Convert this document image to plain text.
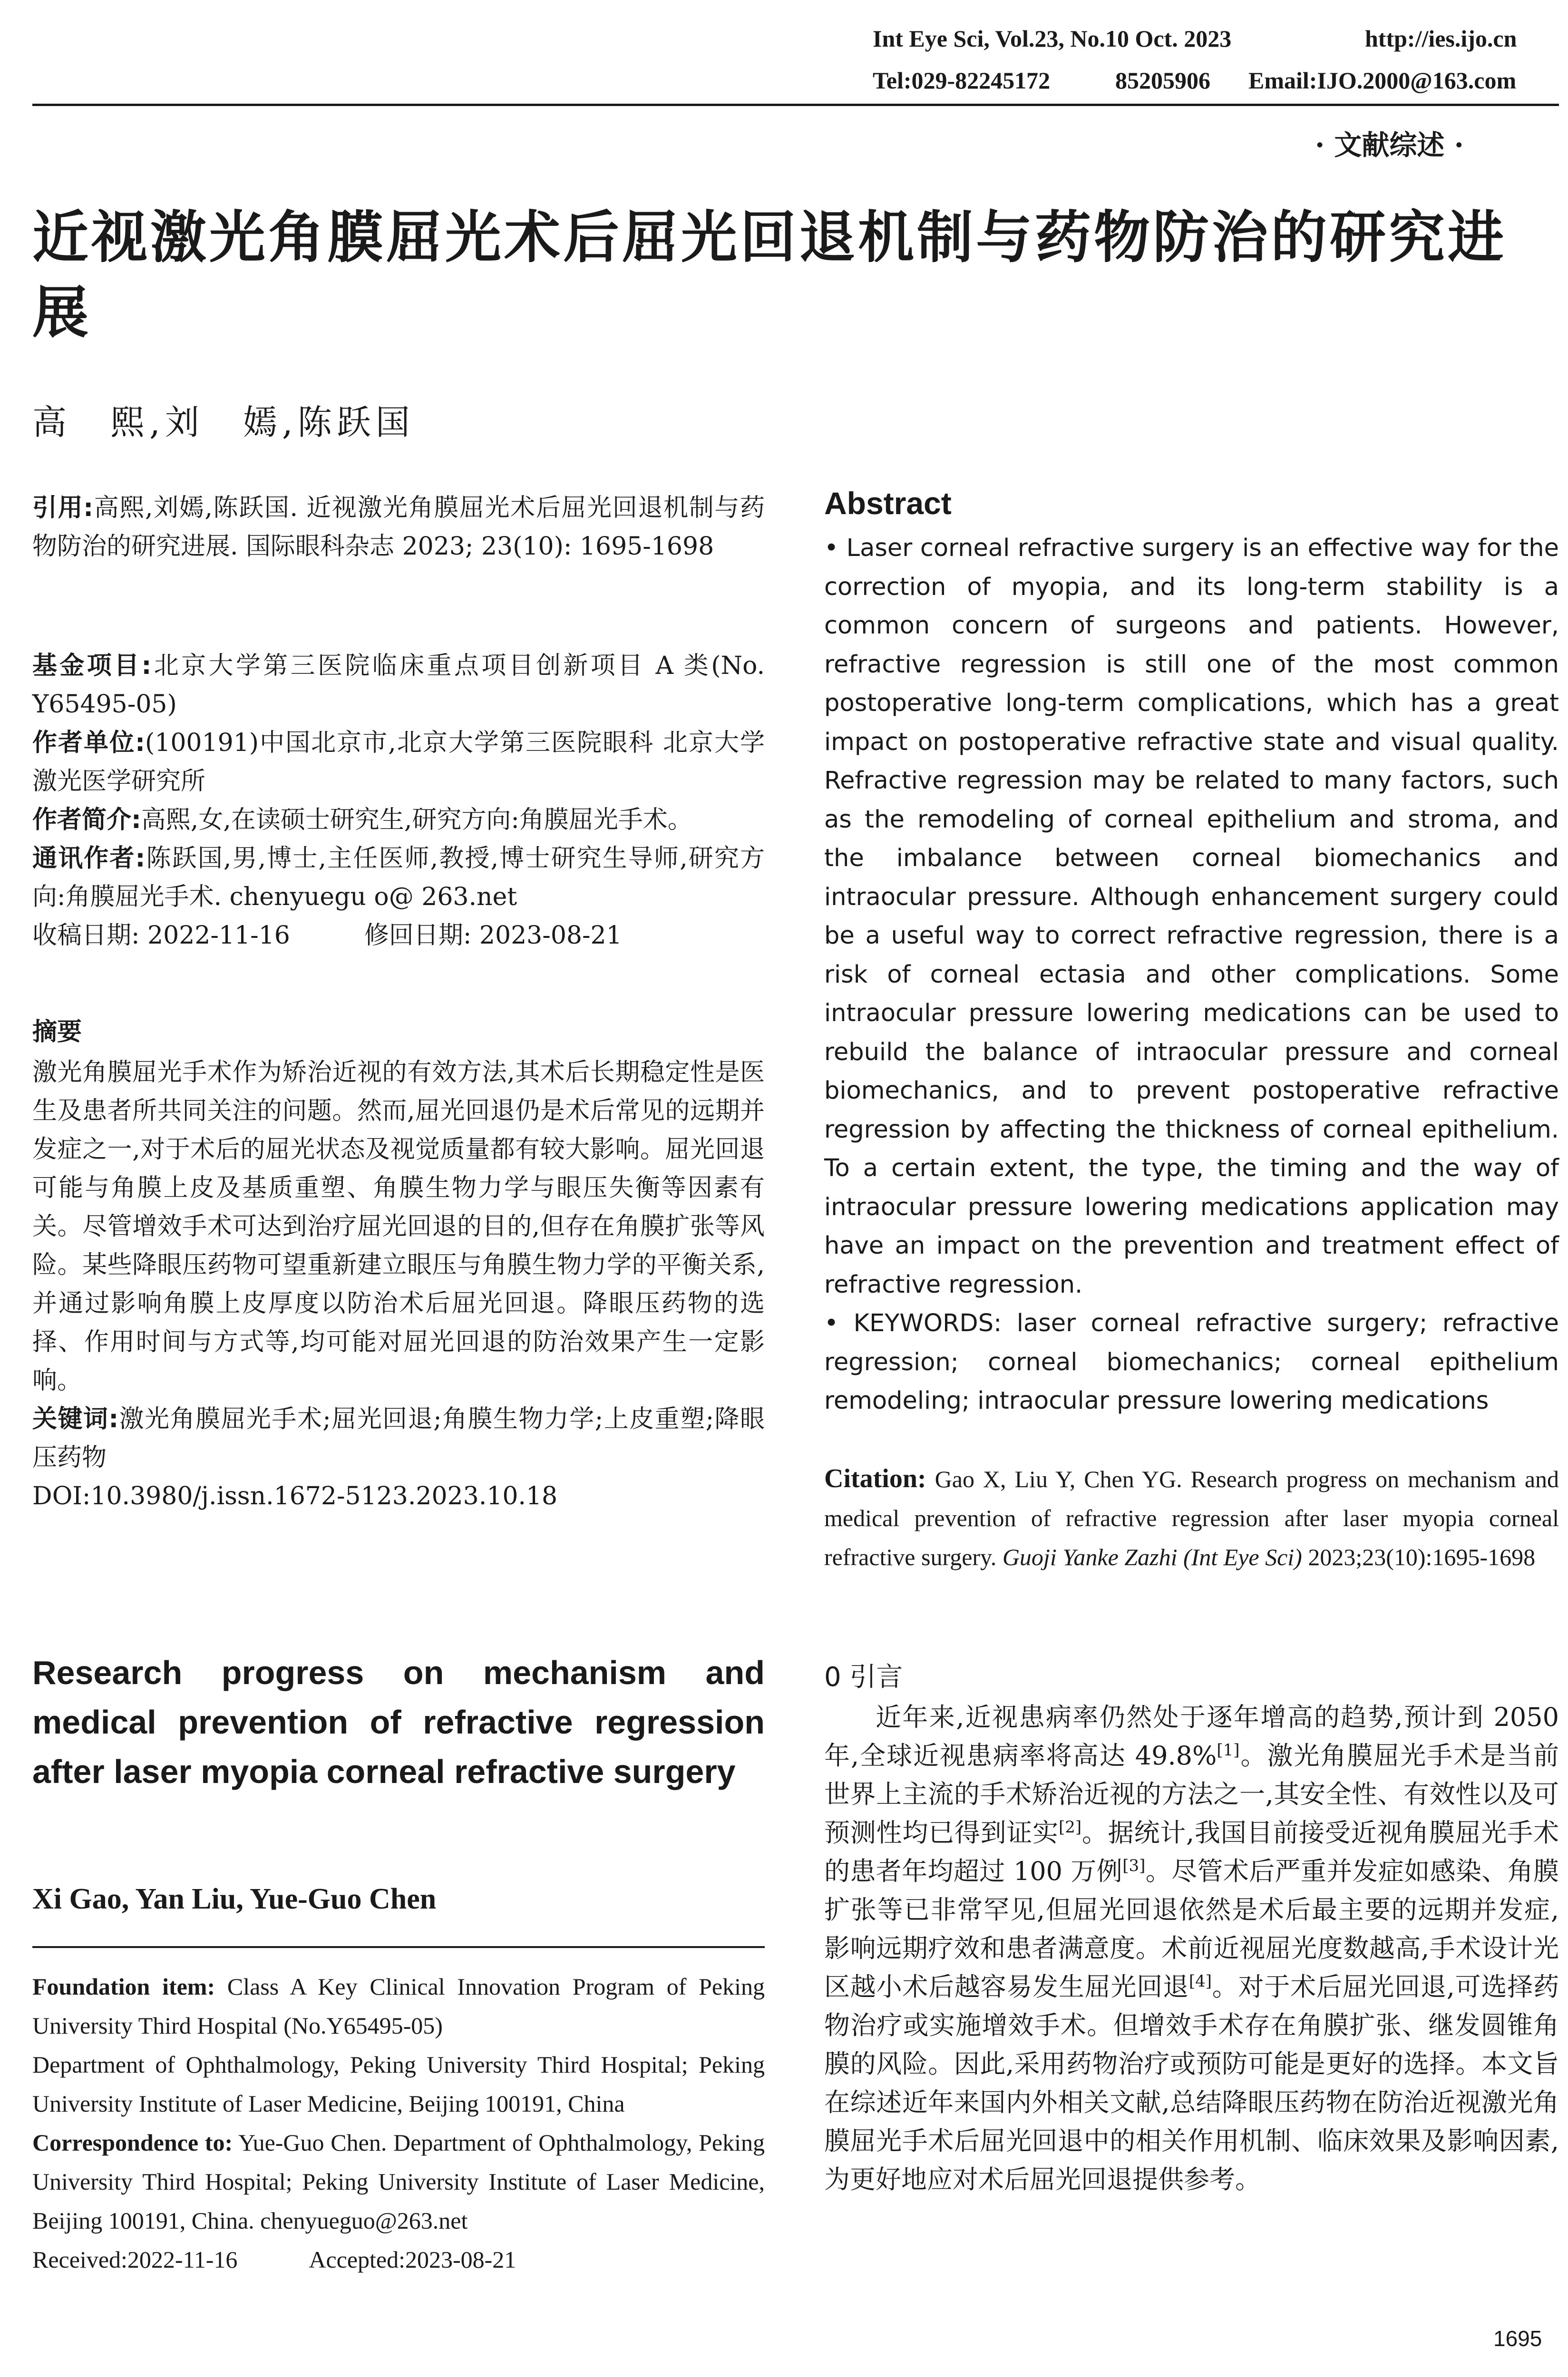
Int Eye Sci, Vol.23, No.10 Oct. 2023	http://ies.ijo.cn
Tel:029-82245172	85205906 Email:IJO.2000@163.com
· 文献综述 ·
近视激光角膜屈光术后屈光回退机制与药物防治的研究进展
高　熙,刘　嫣,陈跃国
引用:高熙,刘嫣,陈跃国. 近视激光角膜屈光术后屈光回退机制与药物防治的研究进展. 国际眼科杂志 2023; 23(10): 1695-1698
基金项目:北京大学第三医院临床重点项目创新项目 A 类(No. Y65495-05)
作者单位:(100191)中国北京市,北京大学第三医院眼科 北京大学激光医学研究所
作者简介:高熙,女,在读硕士研究生,研究方向:角膜屈光手术。
通讯作者:陈跃国,男,博士,主任医师,教授,博士研究生导师,研究方向:角膜屈光手术. chenyuegu o@ 263.net
收稿日期: 2022-11-16　　　修回日期: 2023-08-21
摘要
激光角膜屈光手术作为矫治近视的有效方法,其术后长期稳定性是医生及患者所共同关注的问题。然而,屈光回退仍是术后常见的远期并发症之一,对于术后的屈光状态及视觉质量都有较大影响。屈光回退可能与角膜上皮及基质重塑、角膜生物力学与眼压失衡等因素有关。尽管增效手术可达到治疗屈光回退的目的,但存在角膜扩张等风险。某些降眼压药物可望重新建立眼压与角膜生物力学的平衡关系,并通过影响角膜上皮厚度以防治术后屈光回退。降眼压药物的选择、作用时间与方式等,均可能对屈光回退的防治效果产生一定影响。
关键词:激光角膜屈光手术;屈光回退;角膜生物力学;上皮重塑;降眼压药物
DOI:10.3980/j.issn.1672-5123.2023.10.18
Research progress on mechanism and medical prevention of refractive regression after laser myopia corneal refractive surgery
Xi Gao, Yan Liu, Yue-Guo Chen
Foundation item: Class A Key Clinical Innovation Program of Peking University Third Hospital (No.Y65495-05)
Department of Ophthalmology, Peking University Third Hospital; Peking University Institute of Laser Medicine, Beijing 100191, China
Correspondence to: Yue-Guo Chen. Department of Ophthalmology, Peking University Third Hospital; Peking University Institute of Laser Medicine, Beijing 100191, China. chenyueguo@263.net
Received:2022-11-16　　　Accepted:2023-08-21
Abstract
• Laser corneal refractive surgery is an effective way for the correction of myopia, and its long-term stability is a common concern of surgeons and patients. However, refractive regression is still one of the most common postoperative long-term complications, which has a great impact on postoperative refractive state and visual quality. Refractive regression may be related to many factors, such as the remodeling of corneal epithelium and stroma, and the imbalance between corneal biomechanics and intraocular pressure. Although enhancement surgery could be a useful way to correct refractive regression, there is a risk of corneal ectasia and other complications. Some intraocular pressure lowering medications can be used to rebuild the balance of intraocular pressure and corneal biomechanics, and to prevent postoperative refractive regression by affecting the thickness of corneal epithelium. To a certain extent, the type, the timing and the way of intraocular pressure lowering medications application may have an impact on the prevention and treatment effect of refractive regression.
• KEYWORDS: laser corneal refractive surgery; refractive regression; corneal biomechanics; corneal epithelium remodeling; intraocular pressure lowering medications
Citation: Gao X, Liu Y, Chen YG. Research progress on mechanism and medical prevention of refractive regression after laser myopia corneal refractive surgery. Guoji Yanke Zazhi (Int Eye Sci) 2023;23(10):1695-1698
0 引言
近年来,近视患病率仍然处于逐年增高的趋势,预计到 2050 年,全球近视患病率将高达 49.8%[1]。激光角膜屈光手术是当前世界上主流的手术矫治近视的方法之一,其安全性、有效性以及可预测性均已得到证实[2]。据统计,我国目前接受近视角膜屈光手术的患者年均超过 100 万例[3]。尽管术后严重并发症如感染、角膜扩张等已非常罕见,但屈光回退依然是术后最主要的远期并发症,影响远期疗效和患者满意度。术前近视屈光度数越高,手术设计光区越小术后越容易发生屈光回退[4]。对于术后屈光回退,可选择药物治疗或实施增效手术。但增效手术存在角膜扩张、继发圆锥角膜的风险。因此,采用药物治疗或预防可能是更好的选择。本文旨在综述近年来国内外相关文献,总结降眼压药物在防治近视激光角膜屈光手术后屈光回退中的相关作用机制、临床效果及影响因素,为更好地应对术后屈光回退提供参考。
1695
